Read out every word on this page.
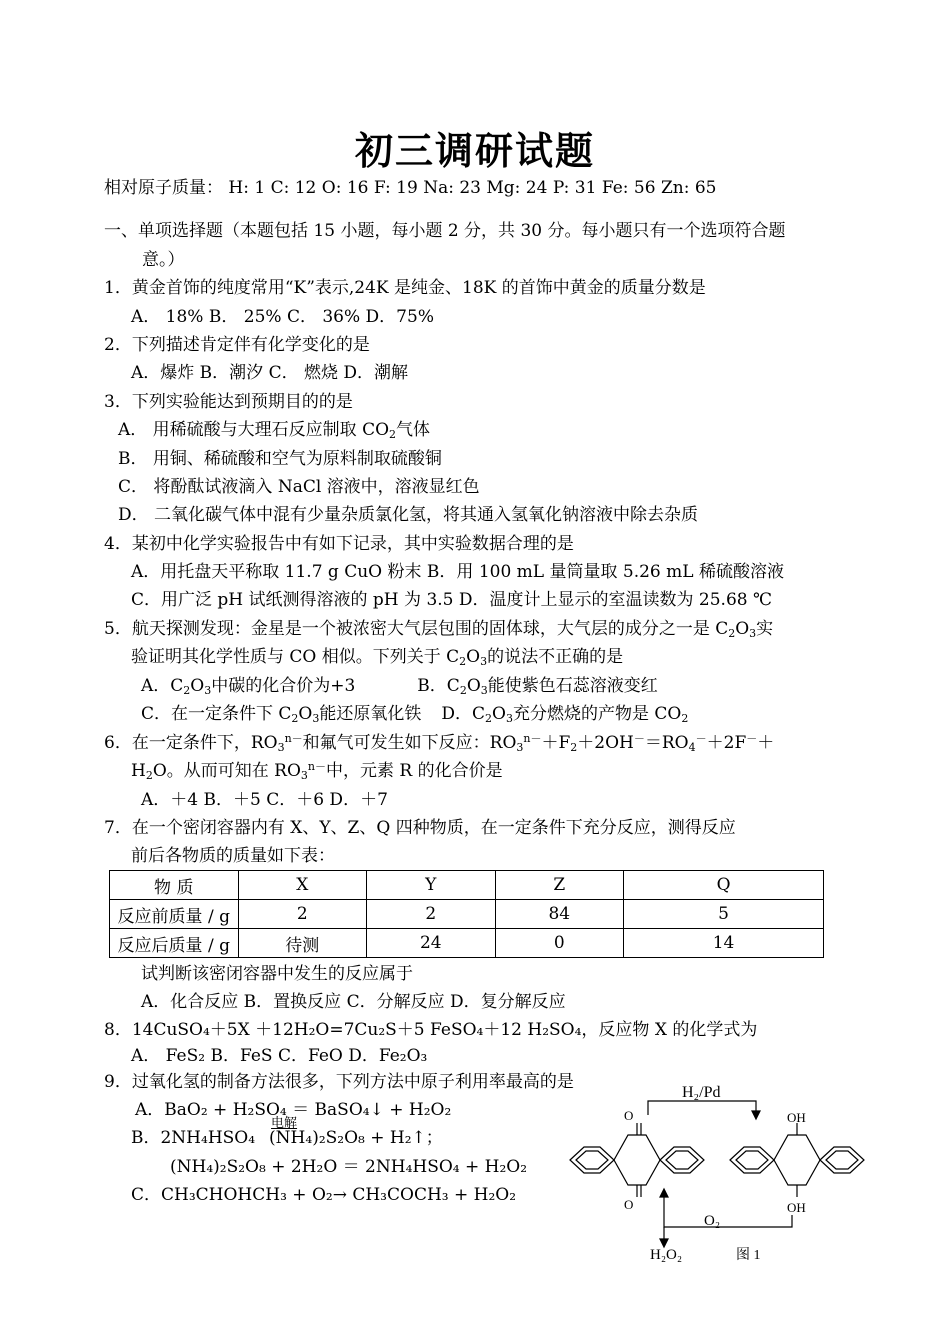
初三调研试题
相对原子质量： H: 1 C: 12 O: 16 F: 19 Na: 23 Mg: 24 P: 31 Fe: 56 Zn: 65
一、单项选择题（本题包括 15 小题，每小题 2 分，共 30 分。每小题只有一个选项符合题
意。）
1．黄金首饰的纯度常用“K”表示,24K 是纯金、18K 的首饰中黄金的质量分数是
A． 18% B． 25% C． 36% D．75%
2．下列描述肯定伴有化学变化的是
A．爆炸 B．潮汐 C． 燃烧 D．潮解
3．下列实验能达到预期目的的是
A． 用稀硫酸与大理石反应制取 $CO_2$气体
B． 用铜、稀硫酸和空气为原料制取硫酸铜
C． 将酚酞试液滴入 NaCl 溶液中，溶液显红色
D． 二氧化碳气体中混有少量杂质氯化氢，将其通入氢氧化钠溶液中除去杂质
4．某初中化学实验报告中有如下记录，其中实验数据合理的是
A．用托盘天平称取 11.7 g CuO 粉末 B．用 100 mL 量筒量取 5.26 mL 稀硫酸溶液
C．用广泛 pH 试纸测得溶液的 pH 为 3.5 D．温度计上显示的室温读数为 25.68 ℃
5．航天探测发现：金星是一个被浓密大气层包围的固体球，大气层的成分之一是 $C_2O_3$实
验证明其化学性质与 CO 相似。下列关于 $C_2O_3$的说法不正确的是
A．$C_2O_3$中碳的化合价为+3	B．$C_2O_3$能使紫色石蕊溶液变红
C．在一定条件下 $C_2O_3$能还原氧化铁 D．$C_2O_3$充分燃烧的产物是 $CO_2$
6．在一定条件下，$RO_3^{n-}$和氟气可发生如下反应：$RO_3^{n-}+F_2+2OH^-=RO_4^-+2F^-+$
$H_2O$。从而可知在 $RO_3^{n-}$中，元素 R 的化合价是
A．＋4 B．＋5 C．＋6 D．＋7
7．在一个密闭容器内有 X、Y、Z、Q 四种物质，在一定条件下充分反应，测得反应
前后各物质的质量如下表：
物 质	X	Y	Z	Q
反应前质量 / g	2	2	84	5
反应后质量 / g	待测	24	0	14
试判断该密闭容器中发生的反应属于
A．化合反应 B．置换反应 C．分解反应 D．复分解反应
8．14CuSO₄＋5X ＋12H₂O=7Cu₂S＋5 FeSO₄＋12 H₂SO₄，反应物 X 的化学式为
A． FeS₂ B．FeS C．FeO D．Fe₂O₃
9．过氧化氢的制备方法很多，下列方法中原子利用率最高的是
A．BaO₂ + H₂SO₄ ＝ BaSO₄↓ + H₂O₂
B．2NH₄HSO₄
电解
(NH₄)₂S₂O₈ + H₂↑；
(NH₄)₂S₂O₈ + 2H₂O ＝ 2NH₄HSO₄ + H₂O₂
C．CH₃CHOHCH₃ + O₂→ CH₃COCH₃ + H₂O₂
O
O
OH
OH
H₂/Pd
O₂
H₂O₂	图 1
